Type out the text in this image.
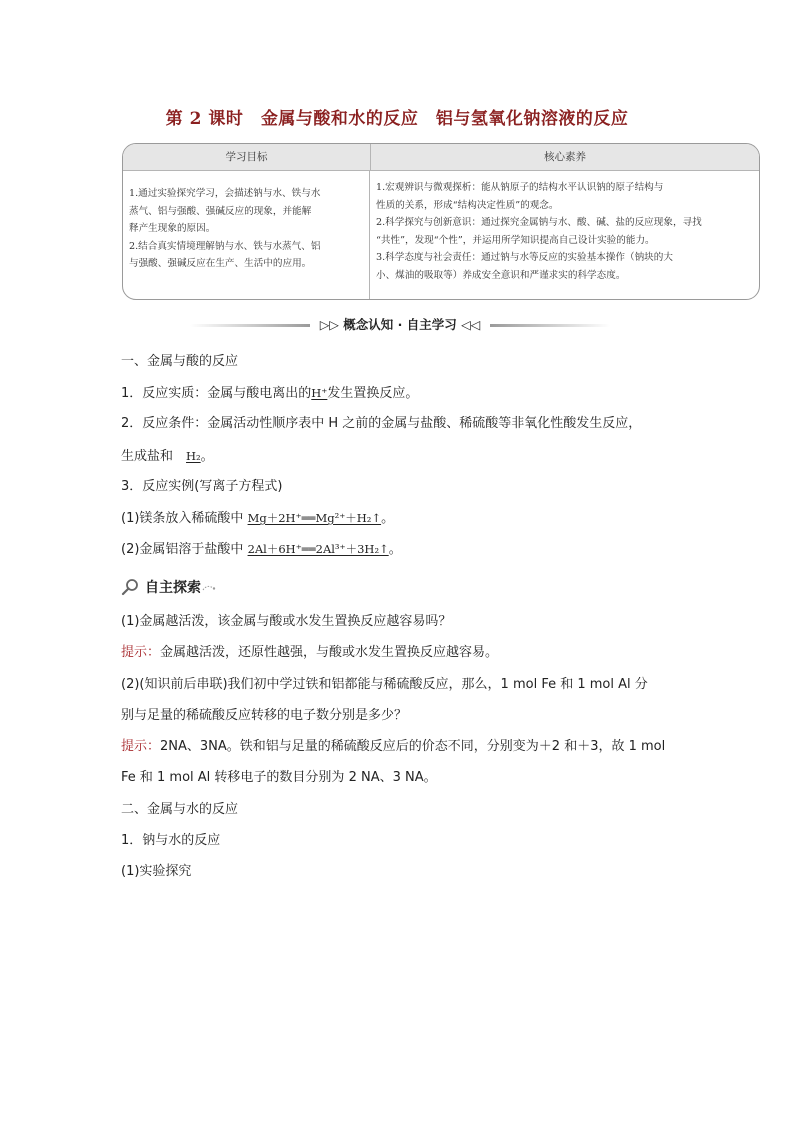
第 2 课时　金属与酸和水的反应　铝与氢氧化钠溶液的反应
学习目标	核心素养

1.通过实验探究学习，会描述钠与水、铁与水

蒸气、铝与强酸、强碱反应的现象，并能解

释产生现象的原因。

2.结合真实情境理解钠与水、铁与水蒸气、铝

与强酸、强碱反应在生产、生活中的应用。

1.宏观辨识与微观探析：能从钠原子的结构水平认识钠的原子结构与

性质的关系，形成“结构决定性质”的观念。

2.科学探究与创新意识：通过探究金属钠与水、酸、碱、盐的反应现象，寻找

“共性”，发现“个性”，并运用所学知识提高自己设计实验的能力。

3.科学态度与社会责任：通过钠与水等反应的实验基本操作（钠块的大

小、煤油的吸取等）养成安全意识和严谨求实的科学态度。

▷▷ 概念认知 · 自主学习 ◁◁
一、金属与酸的反应
1．反应实质：金属与酸电离出的H⁺发生置换反应。
2．反应条件：金属活动性顺序表中 H 之前的金属与盐酸、稀硫酸等非氧化性酸发生反应，
生成盐和　 H₂。
3．反应实例(写离子方程式)
(1)镁条放入稀硫酸中 Mg＋2H⁺══Mg²⁺＋H₂↑。
(2)金属铝溶于盐酸中 2Al＋6H⁺══2Al³⁺＋3H₂↑。
自主探索
(1)金属越活泼，该金属与酸或水发生置换反应越容易吗？
提示：金属越活泼，还原性越强，与酸或水发生置换反应越容易。
(2)(知识前后串联)我们初中学过铁和铝都能与稀硫酸反应，那么，1 mol Fe 和 1 mol Al 分
别与足量的稀硫酸反应转移的电子数分别是多少？
提示：2NA、3NA。铁和铝与足量的稀硫酸反应后的价态不同，分别变为＋2 和＋3，故 1 mol
Fe 和 1 mol Al 转移电子的数目分别为 2 NA、3 NA。
二、金属与水的反应
1．钠与水的反应
(1)实验探究
